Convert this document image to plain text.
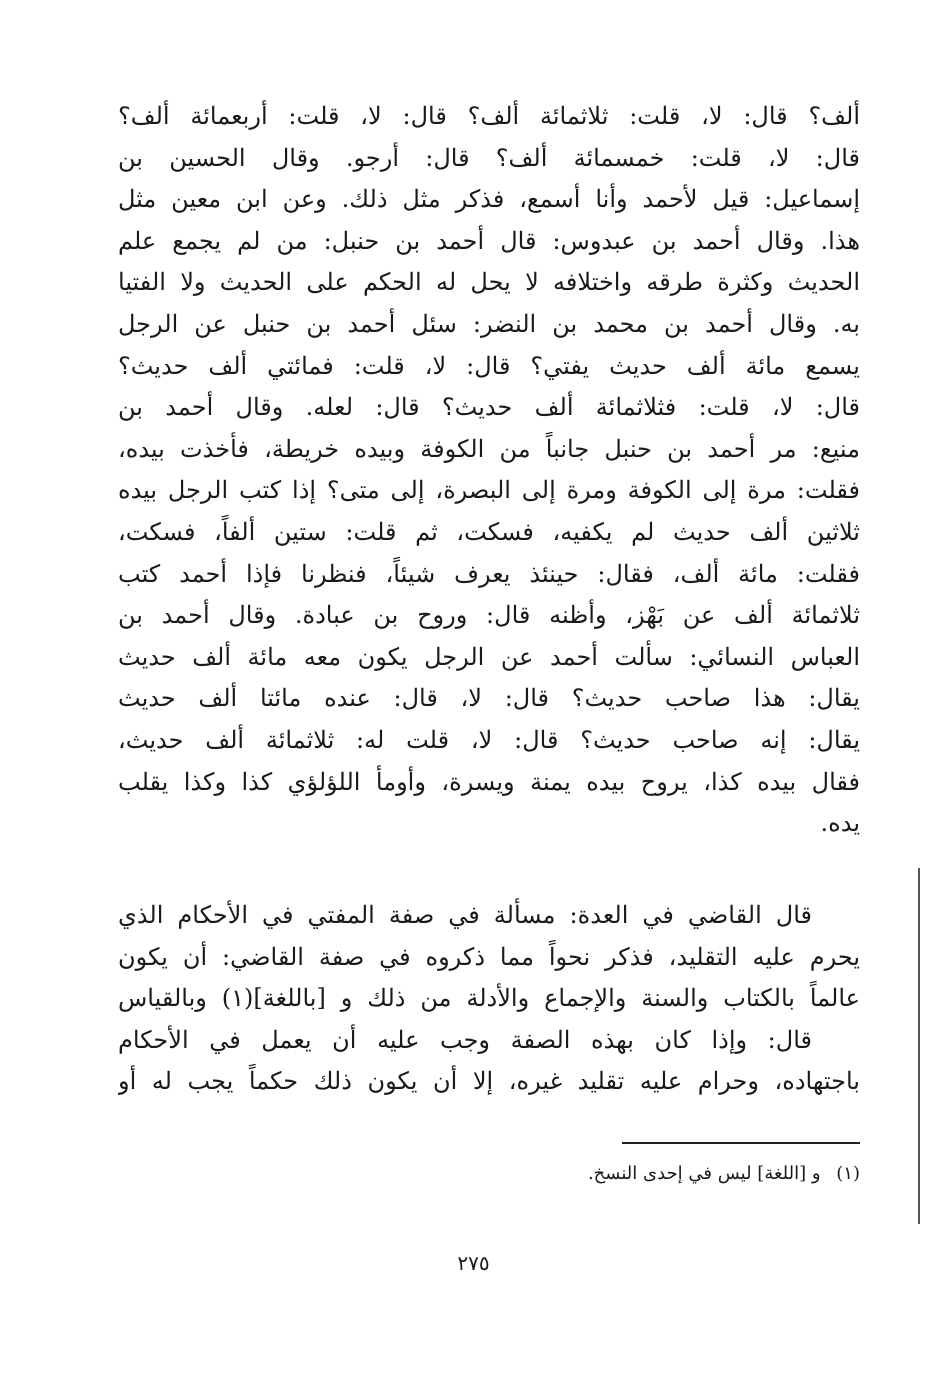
ألف؟ قال: لا، قلت: ثلاثمائة ألف؟ قال: لا، قلت: أربعمائة ألف؟
قال: لا، قلت: خمسمائة ألف؟ قال: أرجو. وقال الحسين بن
إسماعيل: قيل لأحمد وأنا أسمع، فذكر مثل ذلك. وعن ابن معين مثل
هذا. وقال أحمد بن عبدوس: قال أحمد بن حنبل: من لم يجمع علم
الحديث وكثرة طرقه واختلافه لا يحل له الحكم على الحديث ولا الفتيا
به. وقال أحمد بن محمد بن النضر: سئل أحمد بن حنبل عن الرجل
يسمع مائة ألف حديث يفتي؟ قال: لا، قلت: فمائتي ألف حديث؟
قال: لا، قلت: فثلاثمائة ألف حديث؟ قال: لعله. وقال أحمد بن
منيع: مر أحمد بن حنبل جانباً من الكوفة وبيده خريطة، فأخذت بيده،
فقلت: مرة إلى الكوفة ومرة إلى البصرة، إلى متى؟ إذا كتب الرجل بيده
ثلاثين ألف حديث لم يكفيه، فسكت، ثم قلت: ستين ألفاً، فسكت،
فقلت: مائة ألف، فقال: حينئذ يعرف شيئاً، فنظرنا فإذا أحمد كتب
ثلاثمائة ألف عن بَهْز، وأظنه قال: وروح بن عبادة. وقال أحمد بن
العباس النسائي: سألت أحمد عن الرجل يكون معه مائة ألف حديث
يقال: هذا صاحب حديث؟ قال: لا، قال: عنده مائتا ألف حديث
يقال: إنه صاحب حديث؟ قال: لا، قلت له: ثلاثمائة ألف حديث،
فقال بيده كذا، يروح بيده يمنة ويسرة، وأومأ اللؤلؤي كذا وكذا يقلب
يده.
قال القاضي في العدة: مسألة في صفة المفتي في الأحكام الذي
يحرم عليه التقليد، فذكر نحواً مما ذكروه في صفة القاضي: أن يكون
عالماً بالكتاب والسنة والإجماع والأدلة من ذلك و [باللغة](١) وبالقياس
قال: وإذا كان بهذه الصفة وجب عليه أن يعمل في الأحكام
باجتهاده، وحرام عليه تقليد غيره، إلا أن يكون ذلك حكماً يجب له أو
(١) و [اللغة] ليس في إحدى النسخ.
٢٧٥
